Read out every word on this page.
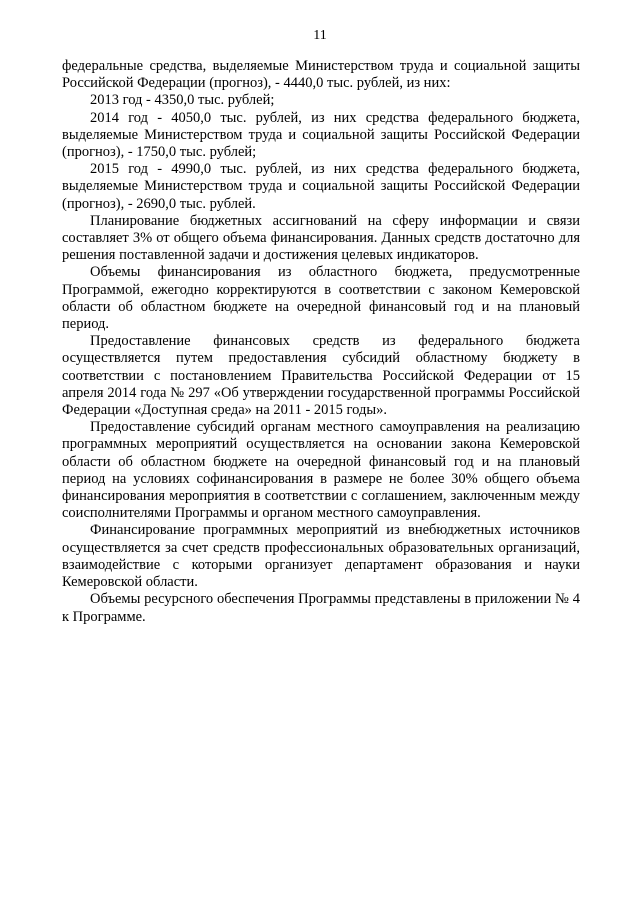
11

федеральные средства, выделяемые Министерством труда и социальной защиты Российской Федерации (прогноз), - 4440,0 тыс. рублей, из них:

2013 год - 4350,0 тыс. рублей;

2014 год - 4050,0 тыс. рублей, из них средства федерального бюджета, выделяемые Министерством труда и социальной защиты Российской Федерации (прогноз), - 1750,0 тыс. рублей;

2015 год - 4990,0 тыс. рублей, из них средства федерального бюджета, выделяемые Министерством труда и социальной защиты Российской Федерации (прогноз), - 2690,0 тыс. рублей.

Планирование бюджетных ассигнований на сферу информации и связи составляет 3% от общего объема финансирования. Данных средств достаточно для решения поставленной задачи и достижения целевых индикаторов.

Объемы финансирования из областного бюджета, предусмотренные Программой, ежегодно корректируются в соответствии с законом Кемеровской области об областном бюджете на очередной финансовый год и на плановый период.

Предоставление финансовых средств из федерального бюджета осуществляется путем предоставления субсидий областному бюджету в соответствии с постановлением Правительства Российской Федерации от 15 апреля 2014 года № 297 «Об утверждении государственной программы Российской Федерации «Доступная среда» на 2011 - 2015 годы».

Предоставление субсидий органам местного самоуправления на реализацию программных мероприятий осуществляется на основании закона Кемеровской области об областном бюджете на очередной финансовый год и на плановый период на условиях софинансирования в размере не более 30% общего объема финансирования мероприятия в соответствии с соглашением, заключенным между соисполнителями Программы и органом местного самоуправления.

Финансирование программных мероприятий из внебюджетных источников осуществляется за счет средств профессиональных образовательных организаций, взаимодействие с которыми организует департамент образования и науки Кемеровской области.

Объемы ресурсного обеспечения Программы представлены в приложении № 4 к Программе.
